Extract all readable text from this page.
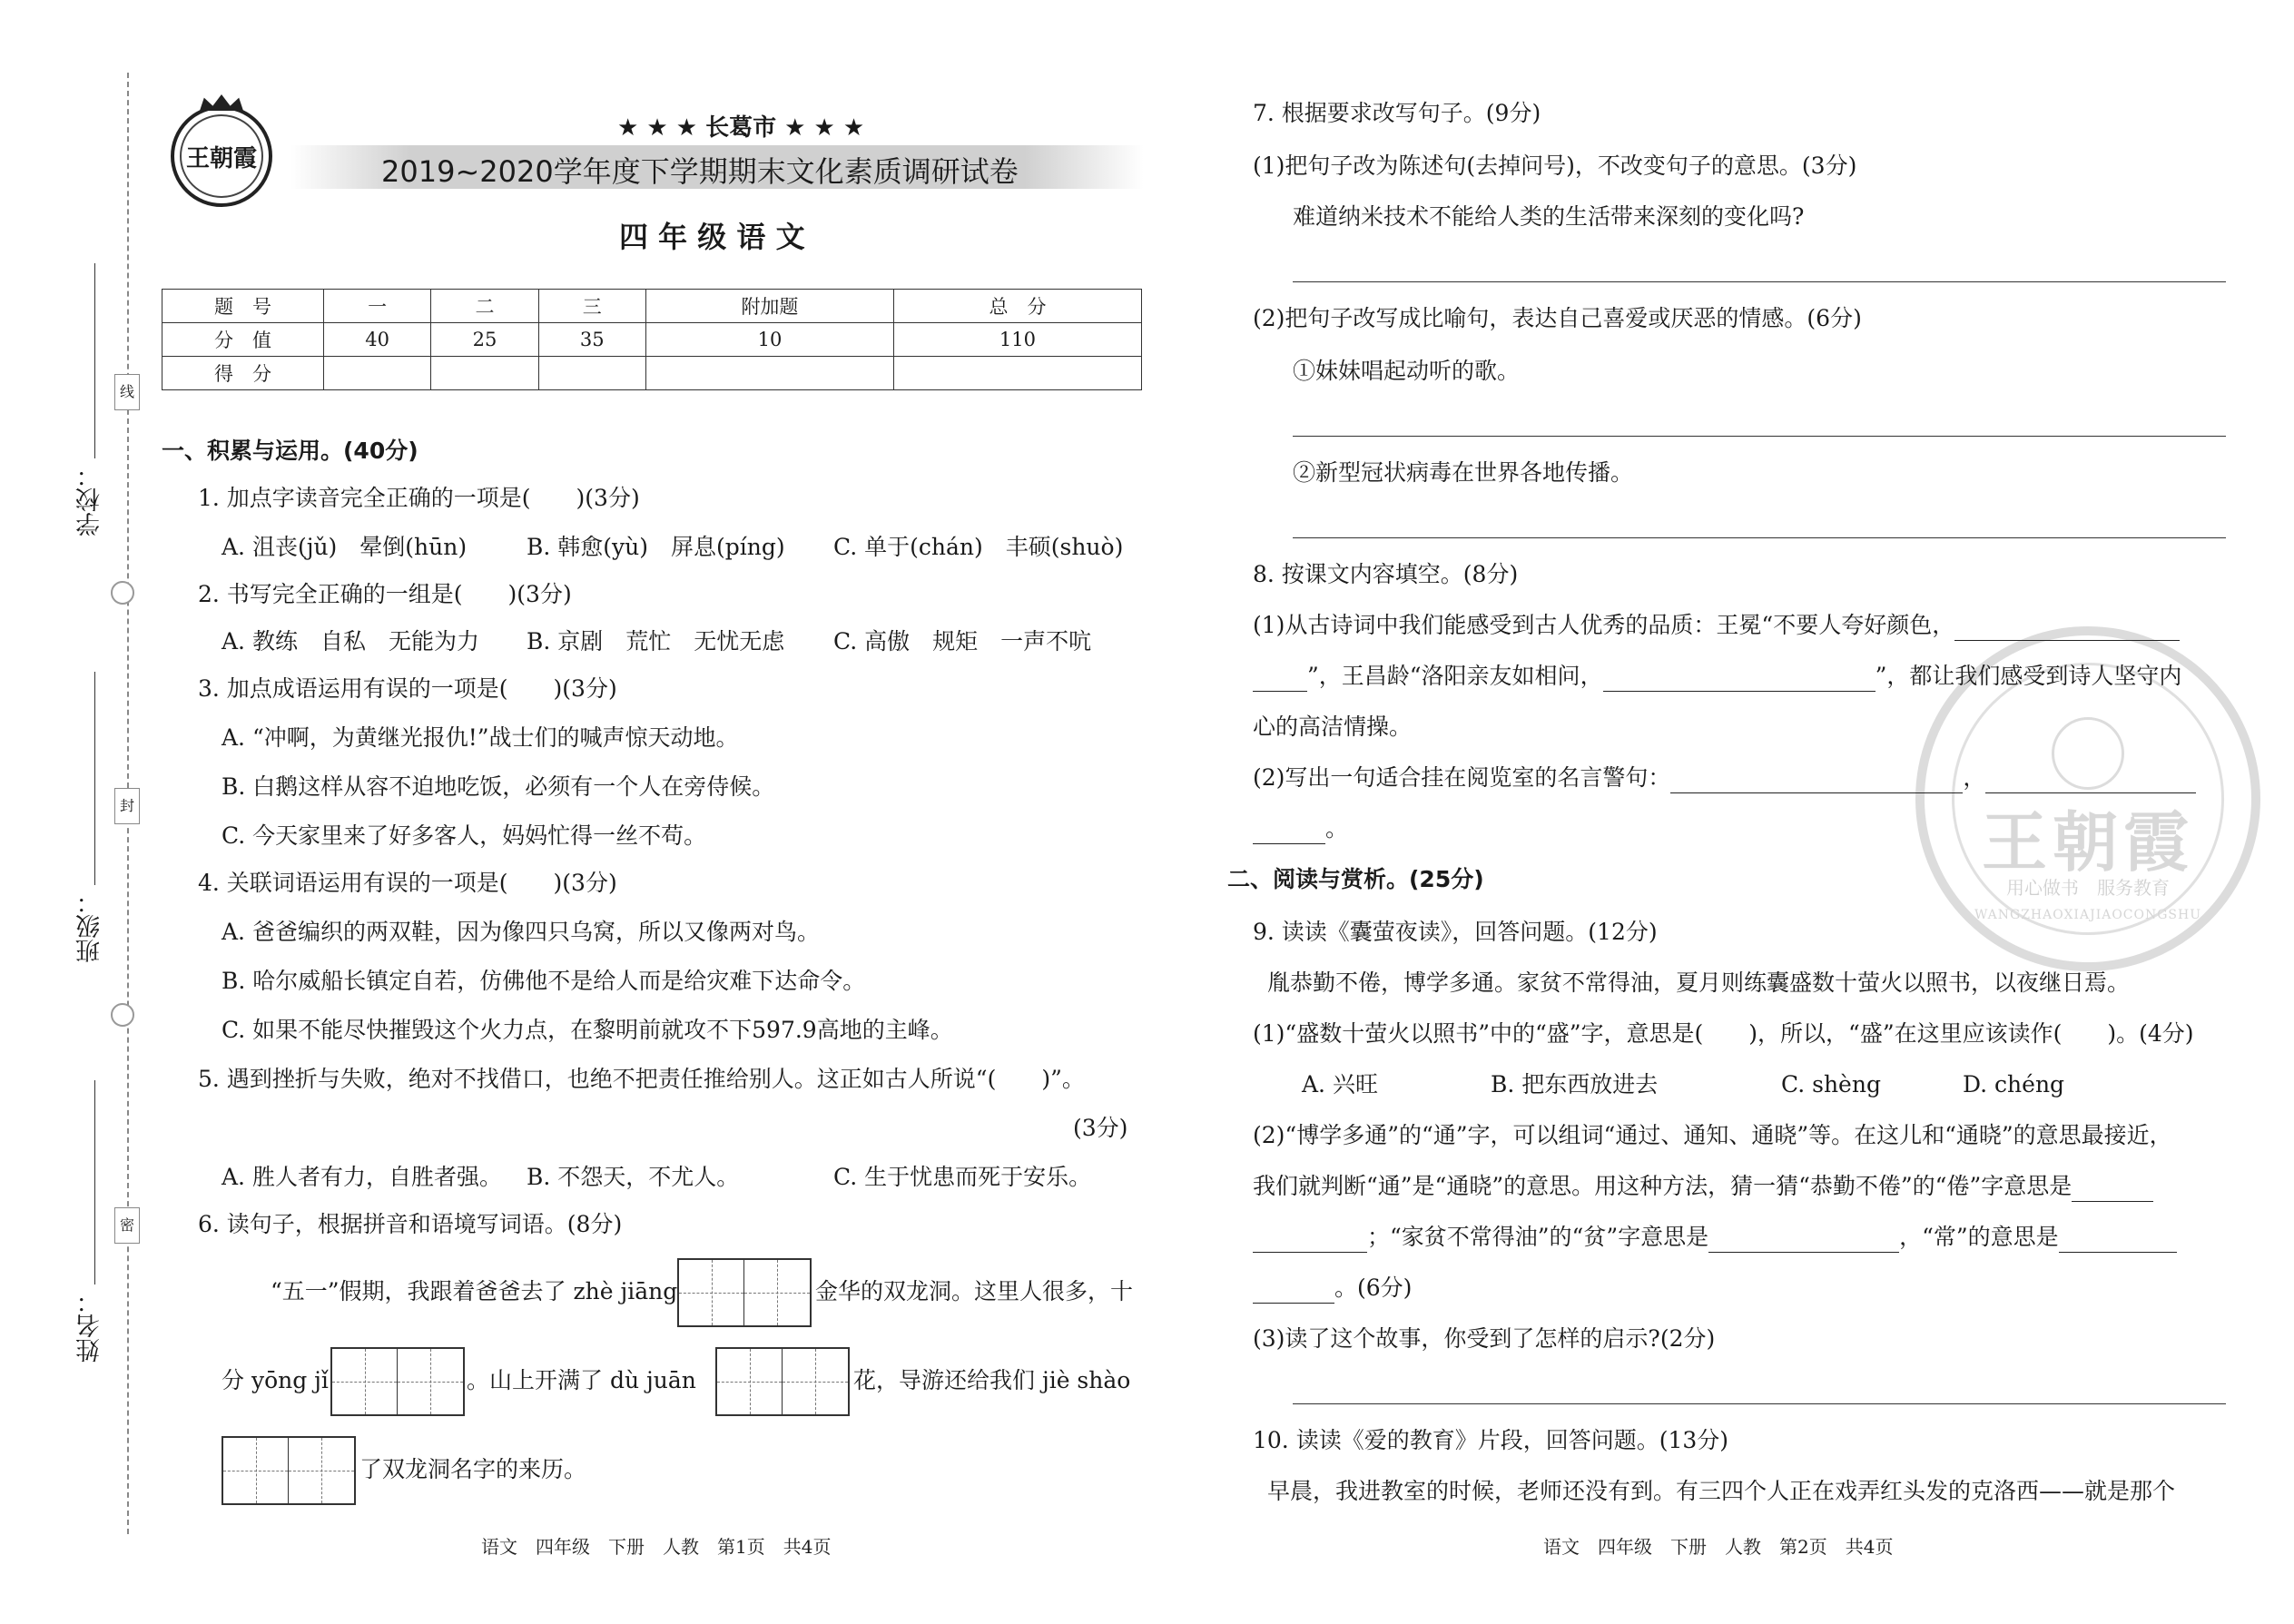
学校：
班级：
姓名：
线
封
密
王朝霞
★ ★ ★ 长葛市 ★ ★ ★
2019~2020学年度下学期期末文化素质调研试卷
四 年 级 语 文
题　号	一	二	三	附加题	总　分
分　值	40	25	35	10	110
得　分					
一、积累与运用。(40分)
1. 加点字读音完全正确的一项是(　　)(3分)
A. 沮丧(jǔ)　晕倒(hūn)	B. 韩愈(yù)　屏息(píng) C. 单于(chán)　丰硕(shuò)
2. 书写完全正确的一组是(　　)(3分)
A. 教练　自私　无能为力 B. 京剧　荒忙　无忧无虑 C. 高傲　规矩　一声不吭
3. 加点成语运用有误的一项是(　　)(3分)
A. “冲啊，为黄继光报仇!”战士们的喊声惊天动地。
B. 白鹅这样从容不迫地吃饭，必须有一个人在旁侍候。
C. 今天家里来了好多客人，妈妈忙得一丝不苟。
4. 关联词语运用有误的一项是(　　)(3分)
A. 爸爸编织的两双鞋，因为像四只乌窝，所以又像两对鸟。
B. 哈尔威船长镇定自若，仿佛他不是给人而是给灾难下达命令。
C. 如果不能尽快摧毁这个火力点，在黎明前就攻不下597.9高地的主峰。
5. 遇到挫折与失败，绝对不找借口，也绝不把责任推给别人。这正如古人所说“(　　)”。
(3分)
A. 胜人者有力，自胜者强。 B. 不怨天，不尤人。	C. 生于忧患而死于安乐。
6. 读句子，根据拼音和语境写词语。(8分)
“五一”假期，我跟着爸爸去了 zhè jiāng	金华的双龙洞。这里人很多，十
分 yōng jǐ	。山上开满了 dù juān	花，导游还给我们 jiè shào
了双龙洞名字的来历。
语文　四年级　下册　人教　第1页　共4页
王朝霞
用心做书　服务教育
WANGZHAOXIAJIAOCONGSHU
7. 根据要求改写句子。(9分)
(1)把句子改为陈述句(去掉问号)，不改变句子的意思。(3分)
难道纳米技术不能给人类的生活带来深刻的变化吗?
(2)把句子改写成比喻句，表达自己喜爱或厌恶的情感。(6分)
①妹妹唱起动听的歌。
②新型冠状病毒在世界各地传播。
8. 按课文内容填空。(8分)
(1)从古诗词中我们能感受到古人优秀的品质：王冕“不要人夸好颜色，
”，王昌龄“洛阳亲友如相问，	”，都让我们感受到诗人坚守内
心的高洁情操。
(2)写出一句适合挂在阅览室的名言警句：	，
。
二、阅读与赏析。(25分)
9. 读读《囊萤夜读》，回答问题。(12分)
胤恭勤不倦，博学多通。家贫不常得油，夏月则练囊盛数十萤火以照书，以夜继日焉。
(1)“盛数十萤火以照书”中的“盛”字，意思是(　　)，所以，“盛”在这里应该读作(　　)。(4分)
A. 兴旺	B. 把东西放进去	C. shèng	D. chéng
(2)“博学多通”的“通”字，可以组词“通过、通知、通晓”等。在这儿和“通晓”的意思最接近，
我们就判断“通”是“通晓”的意思。用这种方法，猜一猜“恭勤不倦”的“倦”字意思是
；“家贫不常得油”的“贫”字意思是	，“常”的意思是
。(6分)
(3)读了这个故事，你受到了怎样的启示?(2分)
10. 读读《爱的教育》片段，回答问题。(13分)
早晨，我进教室的时候，老师还没有到。有三四个人正在戏弄红头发的克洛西——就是那个
语文　四年级　下册　人教　第2页　共4页
